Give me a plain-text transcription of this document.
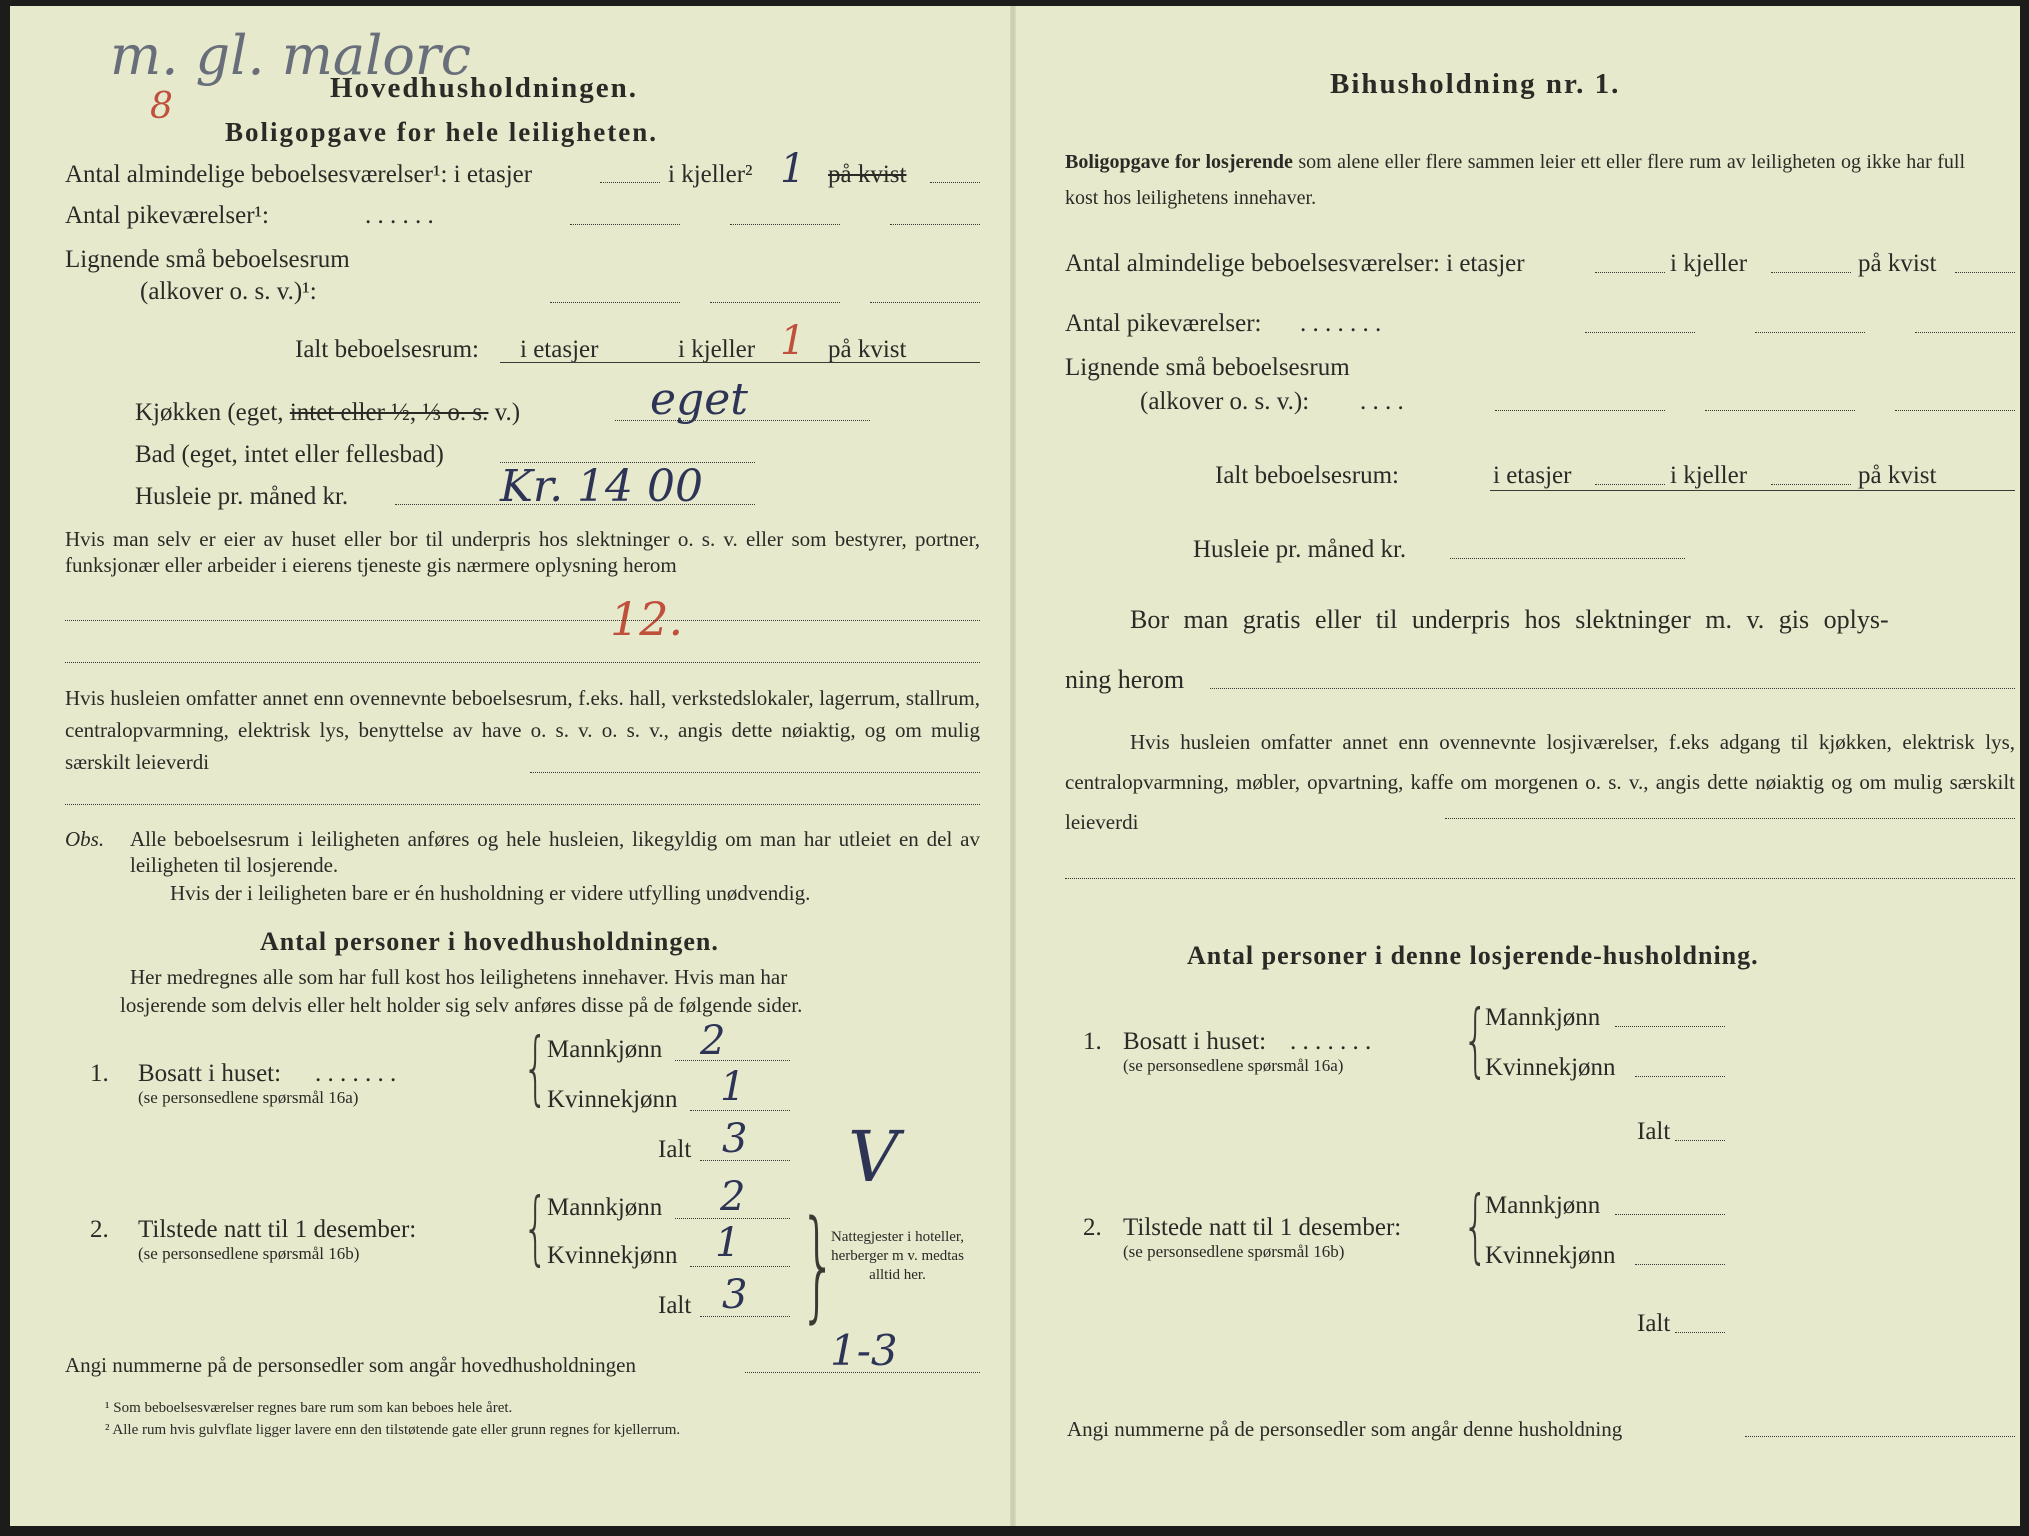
m. gl. malorc
8	Hovedhusholdningen.
Boligopgave for hele leiligheten.
Antal almindelige beboelsesværelser¹: i etasjer	i kjeller² 1 på kvist
Antal pikeværelser¹:	. . . . . .
Lignende små beboelsesrum
(alkover o. s. v.)¹:
Ialt beboelsesrum: i etasjer	i kjeller 1 på kvist
Kjøkken (eget, intet eller ½, ⅓ o. s. v.)	eget
Bad (eget, intet eller fellesbad)
Husleie pr. måned kr.	Kr. 14 00
Hvis man selv er eier av huset eller bor til underpris hos slektninger o. s. v. eller som bestyrer, portner, funksjonær eller arbeider i eierens tjeneste gis nærmere oplysning herom
12.
Hvis husleien omfatter annet enn ovennevnte beboelsesrum, f.eks. hall, verkstedslokaler, lagerrum, stallrum, centralopvarmning, elektrisk lys, benyttelse av have o. s. v. o. s. v., angis dette nøiaktig, og om mulig særskilt leieverdi
Obs. Alle beboelsesrum i leiligheten anføres og hele husleien, likegyldig om man har utleiet en del av leiligheten til losjerende.
Hvis der i leiligheten bare er én husholdning er videre utfylling unødvendig.
Antal personer i hovedhusholdningen.
Her medregnes alle som har full kost hos leilighetens innehaver. Hvis man har
losjerende som delvis eller helt holder sig selv anføres disse på de følgende sider.
1. Bosatt i huset: . . . . . . .
(se personsedlene spørsmål 16a) {
Mannkjønn 2
Kvinnekjønn 1
Ialt 3 V
2. Tilstede natt til 1 desember:
(se personsedlene spørsmål 16b) {
Mannkjønn 2
Kvinnekjønn 1
Ialt 3 }
Nattegjester i hoteller, herberger m v. medtas alltid her.
Angi nummerne på de personsedler som angår hovedhusholdningen	1-3
¹ Som beboelsesværelser regnes bare rum som kan beboes hele året.
² Alle rum hvis gulvflate ligger lavere enn den tilstøtende gate eller grunn regnes for kjellerrum.
Bihusholdning nr. 1.
Boligopgave for losjerende som alene eller flere sammen leier ett eller flere rum av leiligheten og ikke har full kost hos leilighetens innehaver.
Antal almindelige beboelsesværelser: i etasjer	i kjeller	på kvist
Antal pikeværelser: . . . . . . .
Lignende små beboelsesrum
(alkover o. s. v.): . . . .
Ialt beboelsesrum:	i etasjer	i kjeller	på kvist
Husleie pr. måned kr.
Bor man gratis eller til underpris hos slektninger m. v. gis oplys-
ning herom
Hvis husleien omfatter annet enn ovennevnte losjiværelser, f.eks adgang til kjøkken, elektrisk lys, centralopvarmning, møbler, opvartning, kaffe om morgenen o. s. v., angis dette nøiaktig og om mulig særskilt leieverdi
Antal personer i denne losjerende-husholdning.
1. Bosatt i huset: . . . . . . .
(se personsedlene spørsmål 16a) {
Mannkjønn
Kvinnekjønn
Ialt
2. Tilstede natt til 1 desember:
(se personsedlene spørsmål 16b) {
Mannkjønn
Kvinnekjønn
Ialt
Angi nummerne på de personsedler som angår denne husholdning
